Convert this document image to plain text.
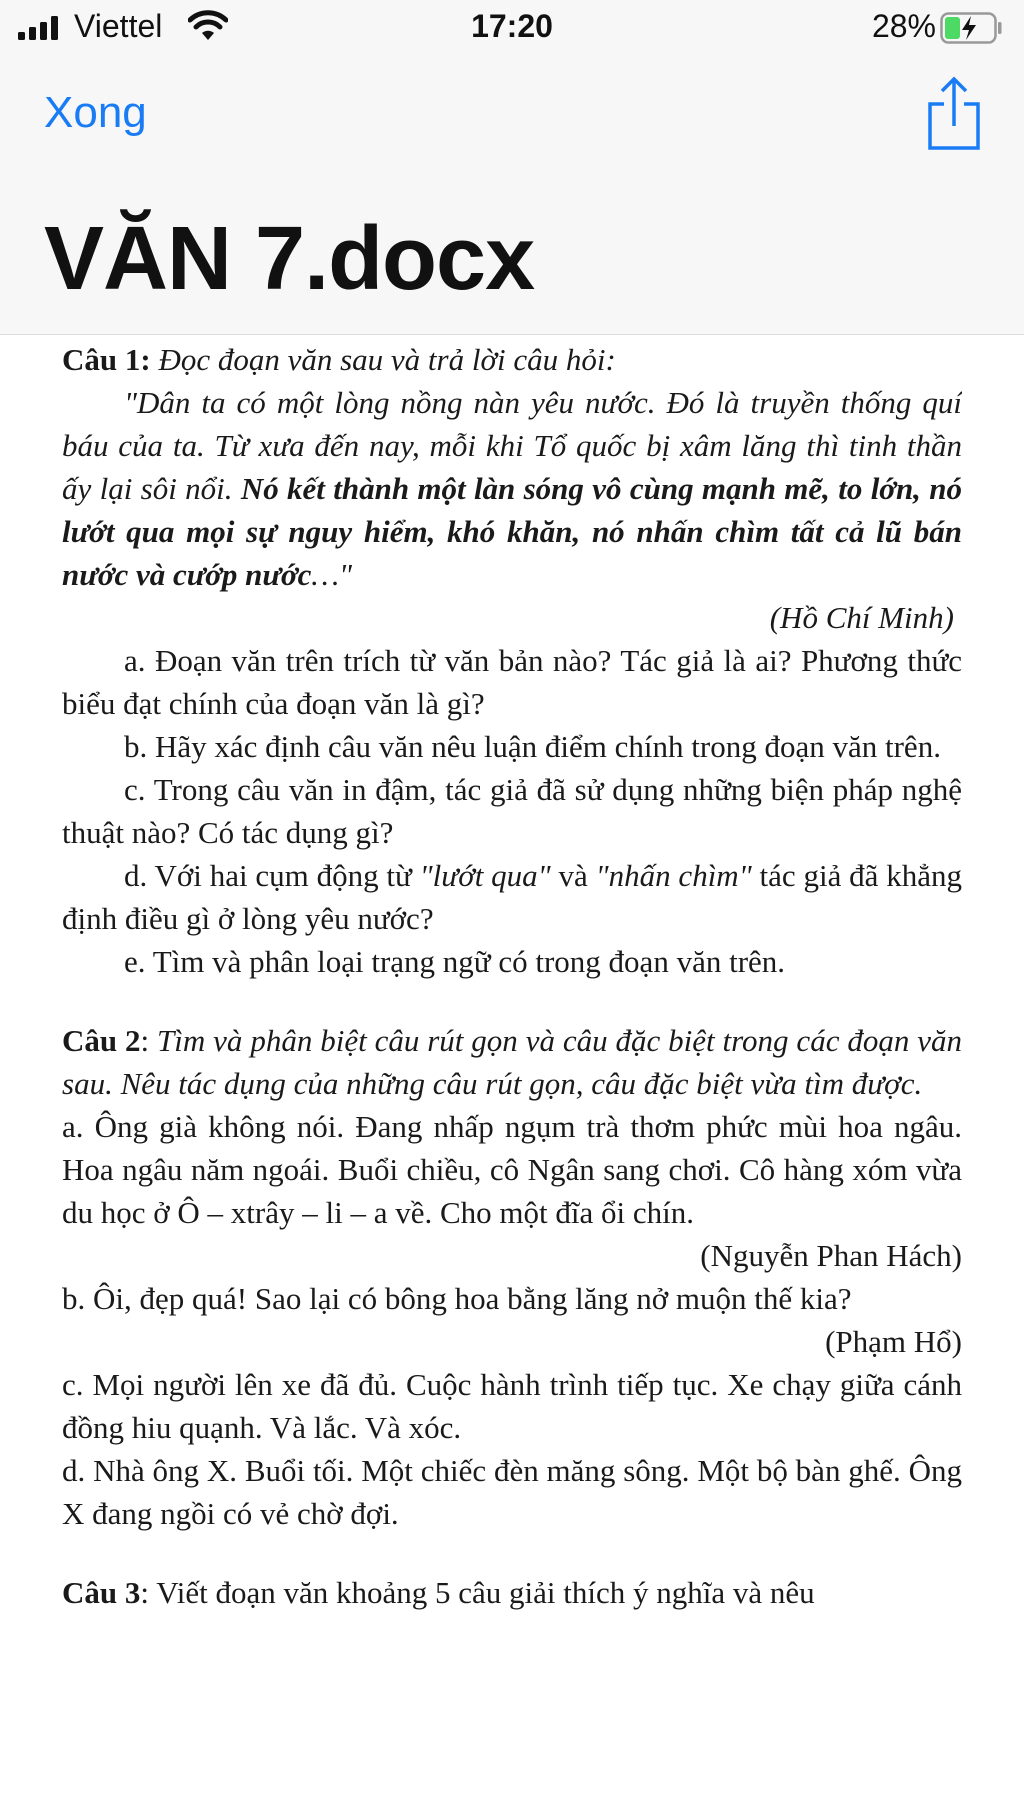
Viettel	17:20	28%
Xong
VĂN 7.docx

Câu 1: Đọc đoạn văn sau và trả lời câu hỏi:

"Dân ta có một lòng nồng nàn yêu nước. Đó là truyền thống quí báu của ta. Từ xưa đến nay, mỗi khi Tổ quốc bị xâm lăng thì tinh thần ấy lại sôi nổi. Nó kết thành một làn sóng vô cùng mạnh mẽ, to lớn, nó lướt qua mọi sự nguy hiểm, khó khăn, nó nhấn chìm tất cả lũ bán nước và cướp nước…"

(Hồ Chí Minh)

a. Đoạn văn trên trích từ văn bản nào? Tác giả là ai? Phương thức biểu đạt chính của đoạn văn là gì?

b. Hãy xác định câu văn nêu luận điểm chính trong đoạn văn trên.

c. Trong câu văn in đậm, tác giả đã sử dụng những biện pháp nghệ thuật nào? Có tác dụng gì?

d. Với hai cụm động từ "lướt qua" và "nhấn chìm" tác giả đã khẳng định điều gì ở lòng yêu nước?

e. Tìm và phân loại trạng ngữ có trong đoạn văn trên.

Câu 2: Tìm và phân biệt câu rút gọn và câu đặc biệt trong các đoạn văn sau. Nêu tác dụng của những câu rút gọn, câu đặc biệt vừa tìm được.

a. Ông già không nói. Đang nhấp ngụm trà thơm phức mùi hoa ngâu. Hoa ngâu năm ngoái. Buổi chiều, cô Ngân sang chơi. Cô hàng xóm vừa du học ở Ô – xtrây – li – a về. Cho một đĩa ổi chín.

(Nguyễn Phan Hách)

b. Ôi, đẹp quá! Sao lại có bông hoa bằng lăng nở muộn thế kia?

(Phạm Hổ)

c. Mọi người lên xe đã đủ. Cuộc hành trình tiếp tục. Xe chạy giữa cánh đồng hiu quạnh. Và lắc. Và xóc.

d. Nhà ông X. Buổi tối. Một chiếc đèn măng sông. Một bộ bàn ghế. Ông X đang ngồi có vẻ chờ đợi.

Câu 3: Viết đoạn văn khoảng 5 câu giải thích ý nghĩa và nêu
